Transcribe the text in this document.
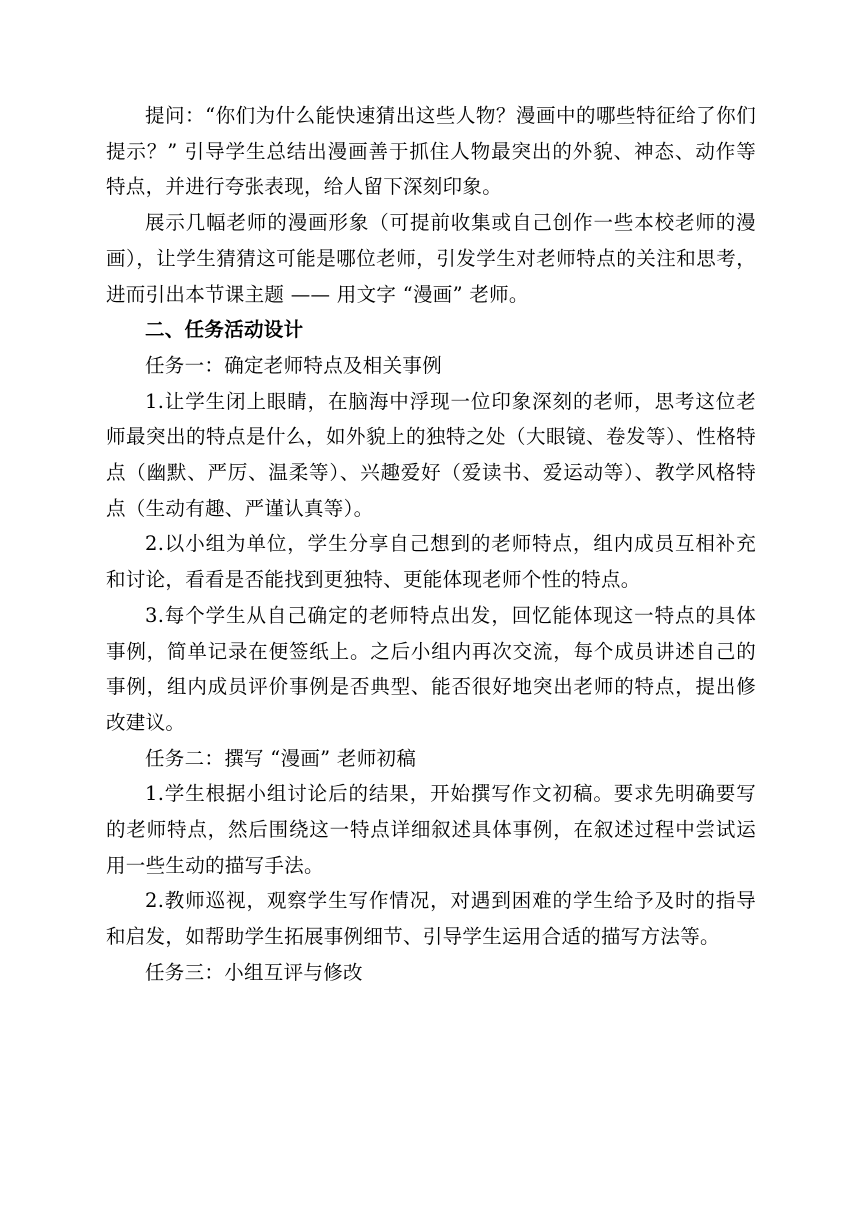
提问：“你们为什么能快速猜出这些人物？漫画中的哪些特征给了你们提示？” 引导学生总结出漫画善于抓住人物最突出的外貌、神态、动作等特点，并进行夸张表现，给人留下深刻印象。

展示几幅老师的漫画形象（可提前收集或自己创作一些本校老师的漫画），让学生猜猜这可能是哪位老师，引发学生对老师特点的关注和思考，进而引出本节课主题 —— 用文字 “漫画” 老师。

二、任务活动设计

任务一：确定老师特点及相关事例

1.让学生闭上眼睛，在脑海中浮现一位印象深刻的老师，思考这位老师最突出的特点是什么，如外貌上的独特之处（大眼镜、卷发等）、性格特点（幽默、严厉、温柔等）、兴趣爱好（爱读书、爱运动等）、教学风格特点（生动有趣、严谨认真等）。

2.以小组为单位，学生分享自己想到的老师特点，组内成员互相补充和讨论，看看是否能找到更独特、更能体现老师个性的特点。

3.每个学生从自己确定的老师特点出发，回忆能体现这一特点的具体事例，简单记录在便签纸上。之后小组内再次交流，每个成员讲述自己的事例，组内成员评价事例是否典型、能否很好地突出老师的特点，提出修改建议。

任务二：撰写 “漫画” 老师初稿

1.学生根据小组讨论后的结果，开始撰写作文初稿。要求先明确要写的老师特点，然后围绕这一特点详细叙述具体事例，在叙述过程中尝试运用一些生动的描写手法。

2.教师巡视，观察学生写作情况，对遇到困难的学生给予及时的指导和启发，如帮助学生拓展事例细节、引导学生运用合适的描写方法等。

任务三：小组互评与修改
